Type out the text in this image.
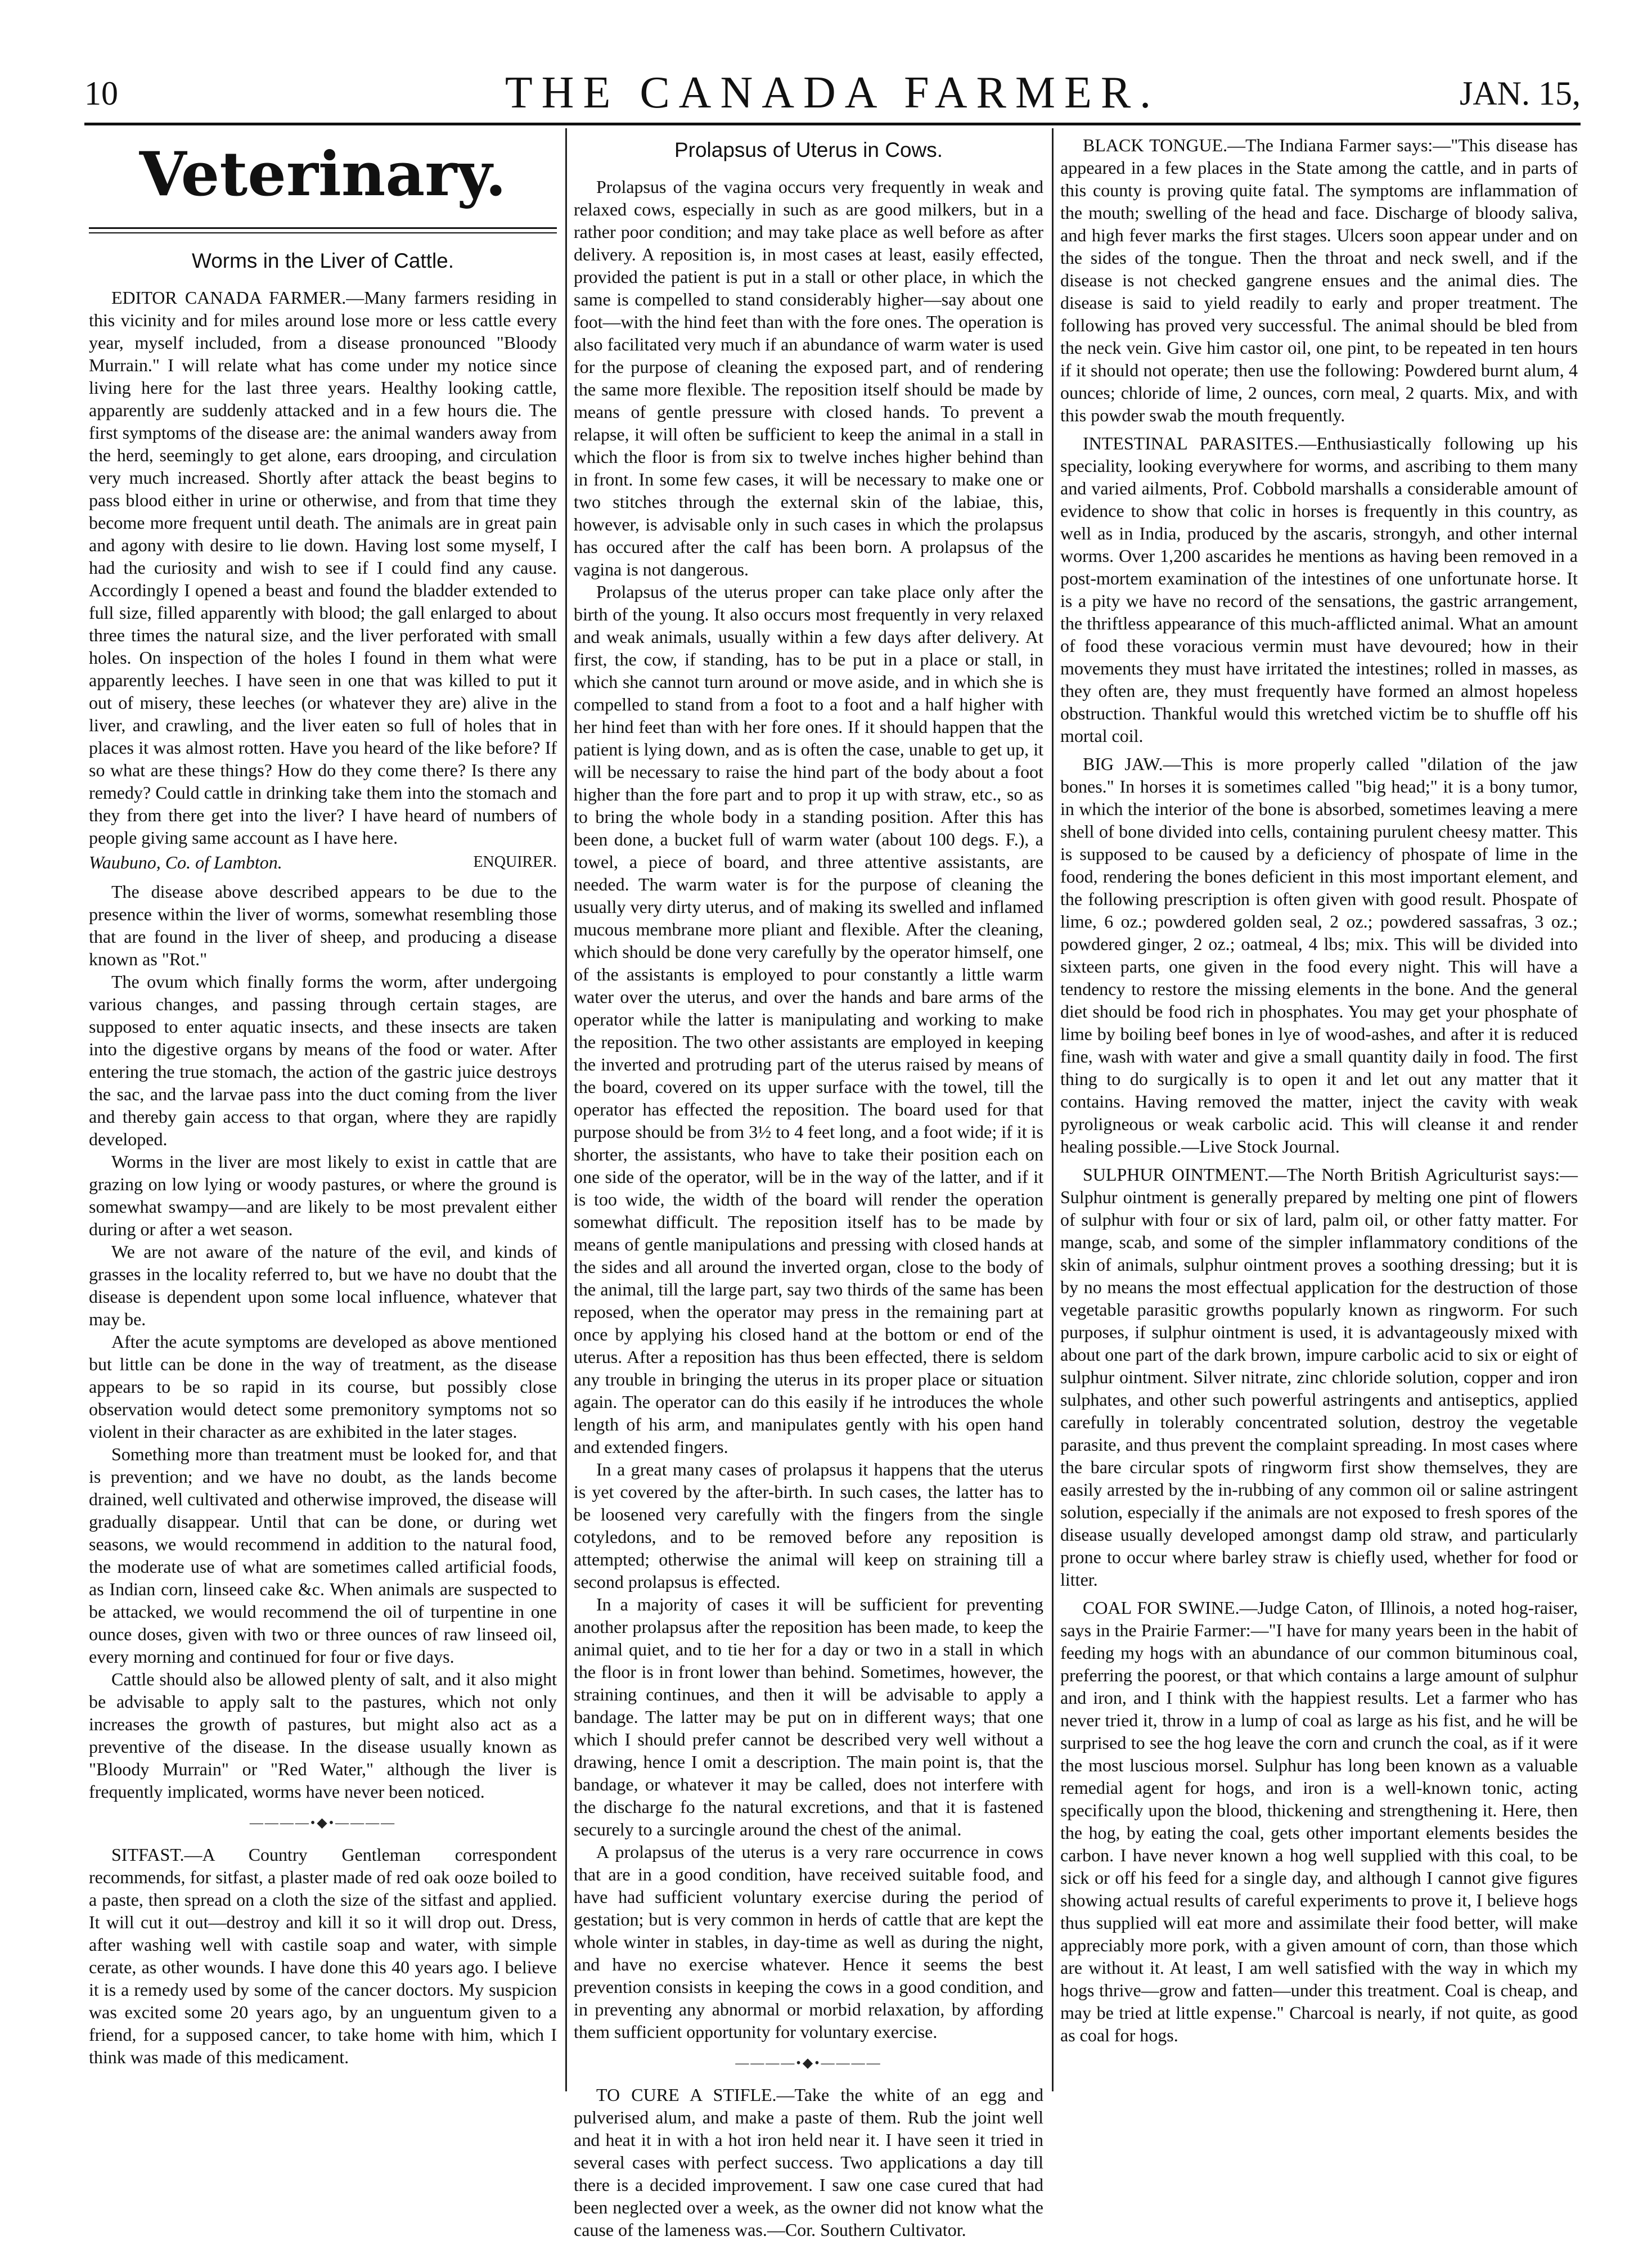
10	THE CANADA FARMER.	JAN. 15,
Veterinary.
Worms in the Liver of Cattle.

EDITOR CANADA FARMER.—Many farmers residing in this vicinity and for miles around lose more or less cattle every year, myself included, from a disease pronounced "Bloody Murrain." I will relate what has come under my notice since living here for the last three years. Healthy looking cattle, apparently are suddenly attacked and in a few hours die. The first symptoms of the disease are: the animal wanders away from the herd, seemingly to get alone, ears drooping, and circulation very much increased. Shortly after attack the beast begins to pass blood either in urine or otherwise, and from that time they become more frequent until death. The animals are in great pain and agony with desire to lie down. Having lost some myself, I had the curiosity and wish to see if I could find any cause. Accordingly I opened a beast and found the bladder extended to full size, filled apparently with blood; the gall enlarged to about three times the natural size, and the liver perforated with small holes. On inspection of the holes I found in them what were apparently leeches. I have seen in one that was killed to put it out of misery, these leeches (or whatever they are) alive in the liver, and crawling, and the liver eaten so full of holes that in places it was almost rotten. Have you heard of the like before? If so what are these things? How do they come there? Is there any remedy? Could cattle in drinking take them into the stomach and they from there get into the liver? I have heard of numbers of people giving same account as I have here.

Waubuno, Co. of Lambton.	ENQUIRER.

The disease above described appears to be due to the presence within the liver of worms, somewhat resembling those that are found in the liver of sheep, and producing a disease known as "Rot."

The ovum which finally forms the worm, after undergoing various changes, and passing through certain stages, are supposed to enter aquatic insects, and these insects are taken into the digestive organs by means of the food or water. After entering the true stomach, the action of the gastric juice destroys the sac, and the larvae pass into the duct coming from the liver and thereby gain access to that organ, where they are rapidly developed.

Worms in the liver are most likely to exist in cattle that are grazing on low lying or woody pastures, or where the ground is somewhat swampy—and are likely to be most prevalent either during or after a wet season.

We are not aware of the nature of the evil, and kinds of grasses in the locality referred to, but we have no doubt that the disease is dependent upon some local influence, whatever that may be.

After the acute symptoms are developed as above mentioned but little can be done in the way of treatment, as the disease appears to be so rapid in its course, but possibly close observation would detect some premonitory symptoms not so violent in their character as are exhibited in the later stages.

Something more than treatment must be looked for, and that is prevention; and we have no doubt, as the lands become drained, well cultivated and otherwise improved, the disease will gradually disappear. Until that can be done, or during wet seasons, we would recommend in addition to the natural food, the moderate use of what are sometimes called artificial foods, as Indian corn, linseed cake &c. When animals are suspected to be attacked, we would recommend the oil of turpentine in one ounce doses, given with two or three ounces of raw linseed oil, every morning and continued for four or five days.

Cattle should also be allowed plenty of salt, and it also might be advisable to apply salt to the pastures, which not only increases the growth of pastures, but might also act as a preventive of the disease. In the disease usually known as "Bloody Murrain" or "Red Water," although the liver is frequently implicated, worms have never been noticed.

————•◆•————

SITFAST.—A Country Gentleman correspondent recommends, for sitfast, a plaster made of red oak ooze boiled to a paste, then spread on a cloth the size of the sitfast and applied. It will cut it out—destroy and kill it so it will drop out. Dress, after washing well with castile soap and water, with simple cerate, as other wounds. I have done this 40 years ago. I believe it is a remedy used by some of the cancer doctors. My suspicion was excited some 20 years ago, by an unguentum given to a friend, for a supposed cancer, to take home with him, which I think was made of this medicament.

Prolapsus of Uterus in Cows.

Prolapsus of the vagina occurs very frequently in weak and relaxed cows, especially in such as are good milkers, but in a rather poor condition; and may take place as well before as after delivery. A reposition is, in most cases at least, easily effected, provided the patient is put in a stall or other place, in which the same is compelled to stand considerably higher—say about one foot—with the hind feet than with the fore ones. The operation is also facilitated very much if an abundance of warm water is used for the purpose of cleaning the exposed part, and of rendering the same more flexible. The reposition itself should be made by means of gentle pressure with closed hands. To prevent a relapse, it will often be sufficient to keep the animal in a stall in which the floor is from six to twelve inches higher behind than in front. In some few cases, it will be necessary to make one or two stitches through the external skin of the labiae, this, however, is advisable only in such cases in which the prolapsus has occured after the calf has been born. A prolapsus of the vagina is not dangerous.

Prolapsus of the uterus proper can take place only after the birth of the young. It also occurs most frequently in very relaxed and weak animals, usually within a few days after delivery. At first, the cow, if standing, has to be put in a place or stall, in which she cannot turn around or move aside, and in which she is compelled to stand from a foot to a foot and a half higher with her hind feet than with her fore ones. If it should happen that the patient is lying down, and as is often the case, unable to get up, it will be necessary to raise the hind part of the body about a foot higher than the fore part and to prop it up with straw, etc., so as to bring the whole body in a standing position. After this has been done, a bucket full of warm water (about 100 degs. F.), a towel, a piece of board, and three attentive assistants, are needed. The warm water is for the purpose of cleaning the usually very dirty uterus, and of making its swelled and inflamed mucous membrane more pliant and flexible. After the cleaning, which should be done very carefully by the operator himself, one of the assistants is employed to pour constantly a little warm water over the uterus, and over the hands and bare arms of the operator while the latter is manipulating and working to make the reposition. The two other assistants are employed in keeping the inverted and protruding part of the uterus raised by means of the board, covered on its upper surface with the towel, till the operator has effected the reposition. The board used for that purpose should be from 3½ to 4 feet long, and a foot wide; if it is shorter, the assistants, who have to take their position each on one side of the operator, will be in the way of the latter, and if it is too wide, the width of the board will render the operation somewhat difficult. The reposition itself has to be made by means of gentle manipulations and pressing with closed hands at the sides and all around the inverted organ, close to the body of the animal, till the large part, say two thirds of the same has been reposed, when the operator may press in the remaining part at once by applying his closed hand at the bottom or end of the uterus. After a reposition has thus been effected, there is seldom any trouble in bringing the uterus in its proper place or situation again. The operator can do this easily if he introduces the whole length of his arm, and manipulates gently with his open hand and extended fingers.

In a great many cases of prolapsus it happens that the uterus is yet covered by the after-birth. In such cases, the latter has to be loosened very carefully with the fingers from the single cotyledons, and to be removed before any reposition is attempted; otherwise the animal will keep on straining till a second prolapsus is effected.

In a majority of cases it will be sufficient for preventing another prolapsus after the reposition has been made, to keep the animal quiet, and to tie her for a day or two in a stall in which the floor is in front lower than behind. Sometimes, however, the straining continues, and then it will be advisable to apply a bandage. The latter may be put on in different ways; that one which I should prefer cannot be described very well without a drawing, hence I omit a description. The main point is, that the bandage, or whatever it may be called, does not interfere with the discharge fo the natural excretions, and that it is fastened securely to a surcingle around the chest of the animal.

A prolapsus of the uterus is a very rare occurrence in cows that are in a good condition, have received suitable food, and have had sufficient voluntary exercise during the period of gestation; but is very common in herds of cattle that are kept the whole winter in stables, in day-time as well as during the night, and have no exercise whatever. Hence it seems the best prevention consists in keeping the cows in a good condition, and in preventing any abnormal or morbid relaxation, by affording them sufficient opportunity for voluntary exercise.

————•◆•————

TO CURE A STIFLE.—Take the white of an egg and pulverised alum, and make a paste of them. Rub the joint well and heat it in with a hot iron held near it. I have seen it tried in several cases with perfect success. Two applications a day till there is a decided improvement. I saw one case cured that had been neglected over a week, as the owner did not know what the cause of the lameness was.—Cor. Southern Cultivator.

BLACK TONGUE.—The Indiana Farmer says:—"This disease has appeared in a few places in the State among the cattle, and in parts of this county is proving quite fatal. The symptoms are inflammation of the mouth; swelling of the head and face. Discharge of bloody saliva, and high fever marks the first stages. Ulcers soon appear under and on the sides of the tongue. Then the throat and neck swell, and if the disease is not checked gangrene ensues and the animal dies. The disease is said to yield readily to early and proper treatment. The following has proved very successful. The animal should be bled from the neck vein. Give him castor oil, one pint, to be repeated in ten hours if it should not operate; then use the following: Powdered burnt alum, 4 ounces; chloride of lime, 2 ounces, corn meal, 2 quarts. Mix, and with this powder swab the mouth frequently.

INTESTINAL PARASITES.—Enthusiastically following up his speciality, looking everywhere for worms, and ascribing to them many and varied ailments, Prof. Cobbold marshalls a considerable amount of evidence to show that colic in horses is frequently in this country, as well as in India, produced by the ascaris, strongyh, and other internal worms. Over 1,200 ascarides he mentions as having been removed in a post-mortem examination of the intestines of one unfortunate horse. It is a pity we have no record of the sensations, the gastric arrangement, the thriftless appearance of this much-afflicted animal. What an amount of food these voracious vermin must have devoured; how in their movements they must have irritated the intestines; rolled in masses, as they often are, they must frequently have formed an almost hopeless obstruction. Thankful would this wretched victim be to shuffle off his mortal coil.

BIG JAW.—This is more properly called "dilation of the jaw bones." In horses it is sometimes called "big head;" it is a bony tumor, in which the interior of the bone is absorbed, sometimes leaving a mere shell of bone divided into cells, containing purulent cheesy matter. This is supposed to be caused by a deficiency of phospate of lime in the food, rendering the bones deficient in this most important element, and the following prescription is often given with good result. Phospate of lime, 6 oz.; powdered golden seal, 2 oz.; powdered sassafras, 3 oz.; powdered ginger, 2 oz.; oatmeal, 4 lbs; mix. This will be divided into sixteen parts, one given in the food every night. This will have a tendency to restore the missing elements in the bone. And the general diet should be food rich in phosphates. You may get your phosphate of lime by boiling beef bones in lye of wood-ashes, and after it is reduced fine, wash with water and give a small quantity daily in food. The first thing to do surgically is to open it and let out any matter that it contains. Having removed the matter, inject the cavity with weak pyroligneous or weak carbolic acid. This will cleanse it and render healing possible.—Live Stock Journal.

SULPHUR OINTMENT.—The North British Agriculturist says:—Sulphur ointment is generally prepared by melting one pint of flowers of sulphur with four or six of lard, palm oil, or other fatty matter. For mange, scab, and some of the simpler inflammatory conditions of the skin of animals, sulphur ointment proves a soothing dressing; but it is by no means the most effectual application for the destruction of those vegetable parasitic growths popularly known as ringworm. For such purposes, if sulphur ointment is used, it is advantageously mixed with about one part of the dark brown, impure carbolic acid to six or eight of sulphur ointment. Silver nitrate, zinc chloride solution, copper and iron sulphates, and other such powerful astringents and antiseptics, applied carefully in tolerably concentrated solution, destroy the vegetable parasite, and thus prevent the complaint spreading. In most cases where the bare circular spots of ringworm first show themselves, they are easily arrested by the in-rubbing of any common oil or saline astringent solution, especially if the animals are not exposed to fresh spores of the disease usually developed amongst damp old straw, and particularly prone to occur where barley straw is chiefly used, whether for food or litter.

COAL FOR SWINE.—Judge Caton, of Illinois, a noted hog-raiser, says in the Prairie Farmer:—"I have for many years been in the habit of feeding my hogs with an abundance of our common bituminous coal, preferring the poorest, or that which contains a large amount of sulphur and iron, and I think with the happiest results. Let a farmer who has never tried it, throw in a lump of coal as large as his fist, and he will be surprised to see the hog leave the corn and crunch the coal, as if it were the most luscious morsel. Sulphur has long been known as a valuable remedial agent for hogs, and iron is a well-known tonic, acting specifically upon the blood, thickening and strengthening it. Here, then the hog, by eating the coal, gets other important elements besides the carbon. I have never known a hog well supplied with this coal, to be sick or off his feed for a single day, and although I cannot give figures showing actual results of careful experiments to prove it, I believe hogs thus supplied will eat more and assimilate their food better, will make appreciably more pork, with a given amount of corn, than those which are without it. At least, I am well satisfied with the way in which my hogs thrive—grow and fatten—under this treatment. Coal is cheap, and may be tried at little expense." Charcoal is nearly, if not quite, as good as coal for hogs.
